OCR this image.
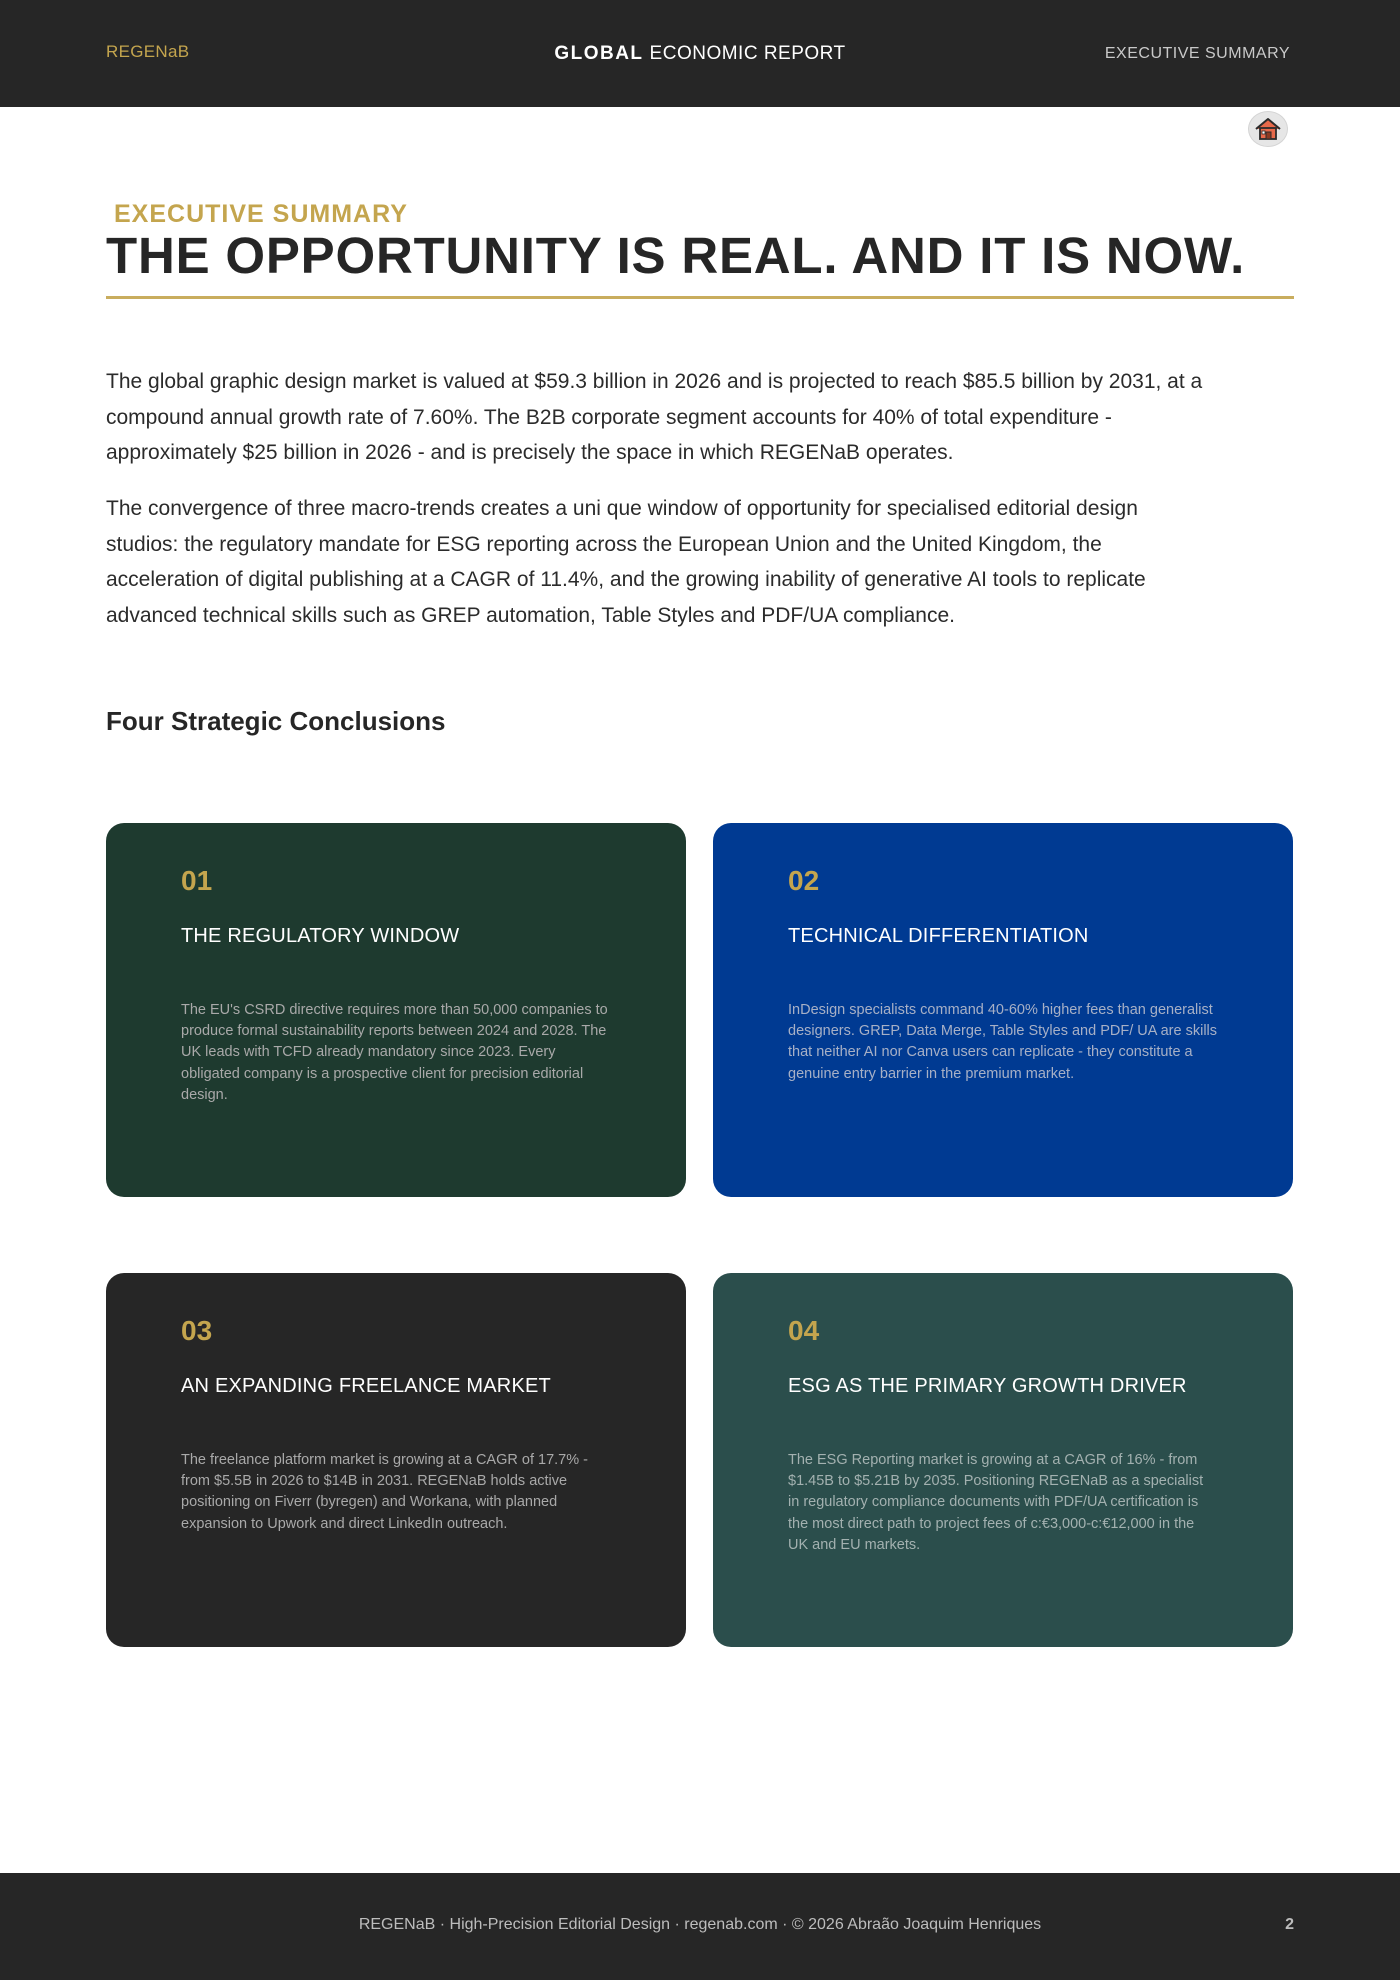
REGENaB	GLOBAL ECONOMIC REPORT	EXECUTIVE SUMMARY
EXECUTIVE SUMMARY
THE OPPORTUNITY IS REAL. AND IT IS NOW.

The global graphic design market is valued at $59.3 billion in 2026 and is projected to reach $85.5 billion by 2031, at a compound annual growth rate of 7.60%. The B2B corporate segment accounts for 40% of total expenditure - approximately $25 billion in 2026 - and is precisely the space in which REGENaB operates.

The convergence of three macro-trends creates a uni que window of opportunity for specialised editorial design studios: the regulatory mandate for ESG reporting across the European Union and the United Kingdom, the acceleration of digital publishing at a CAGR of 11.4%, and the growing inability of generative AI tools to replicate advanced technical skills such as GREP automation, Table Styles and PDF/UA compliance.

Four Strategic Conclusions
01
THE REGULATORY WINDOW
The EU's CSRD directive requires more than 50,000 companies to produce formal sustainability reports between 2024 and 2028. The UK leads with TCFD already mandatory since 2023. Every obligated company is a prospective client for precision editorial design.
02
TECHNICAL DIFFERENTIATION
InDesign specialists command 40-60% higher fees than generalist designers. GREP, Data Merge, Table Styles and PDF/ UA are skills that neither AI nor Canva users can replicate - they constitute a genuine entry barrier in the premium market.
03
AN EXPANDING FREELANCE MARKET
The freelance platform market is growing at a CAGR of 17.7% - from $5.5B in 2026 to $14B in 2031. REGENaB holds active positioning on Fiverr (byregen) and Workana, with planned expansion to Upwork and direct LinkedIn outreach.
04
ESG AS THE PRIMARY GROWTH DRIVER
The ESG Reporting market is growing at a CAGR of 16% - from $1.45B to $5.21B by 2035. Positioning REGENaB as a specialist in regulatory compliance documents with PDF/UA certification is the most direct path to project fees of c:€3,000-c:€12,000 in the UK and EU markets.
REGENaB · High-Precision Editorial Design · regenab.com · © 2026 Abraão Joaquim Henriques	2
